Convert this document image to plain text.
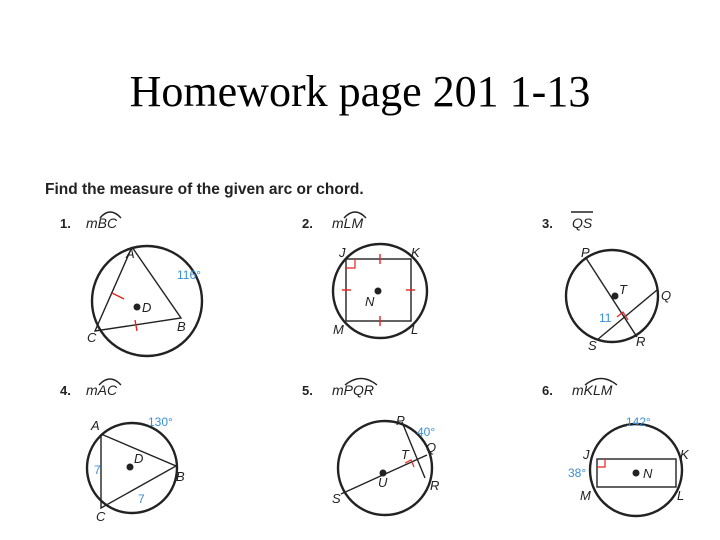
Homework page 201 1-13
Find the measure of the given arc or chord.
1. mBC
A
D
C
B
116°
2. mLM
J	K
N
M	L
3. QS
P
T	Q
S	R
11
4. mAC
A
D
B
C
130°
7
7
5. mPQR
P
T Q
S
U	R
40°
6. mKLM
J	K
N
M	L
142°
38°
